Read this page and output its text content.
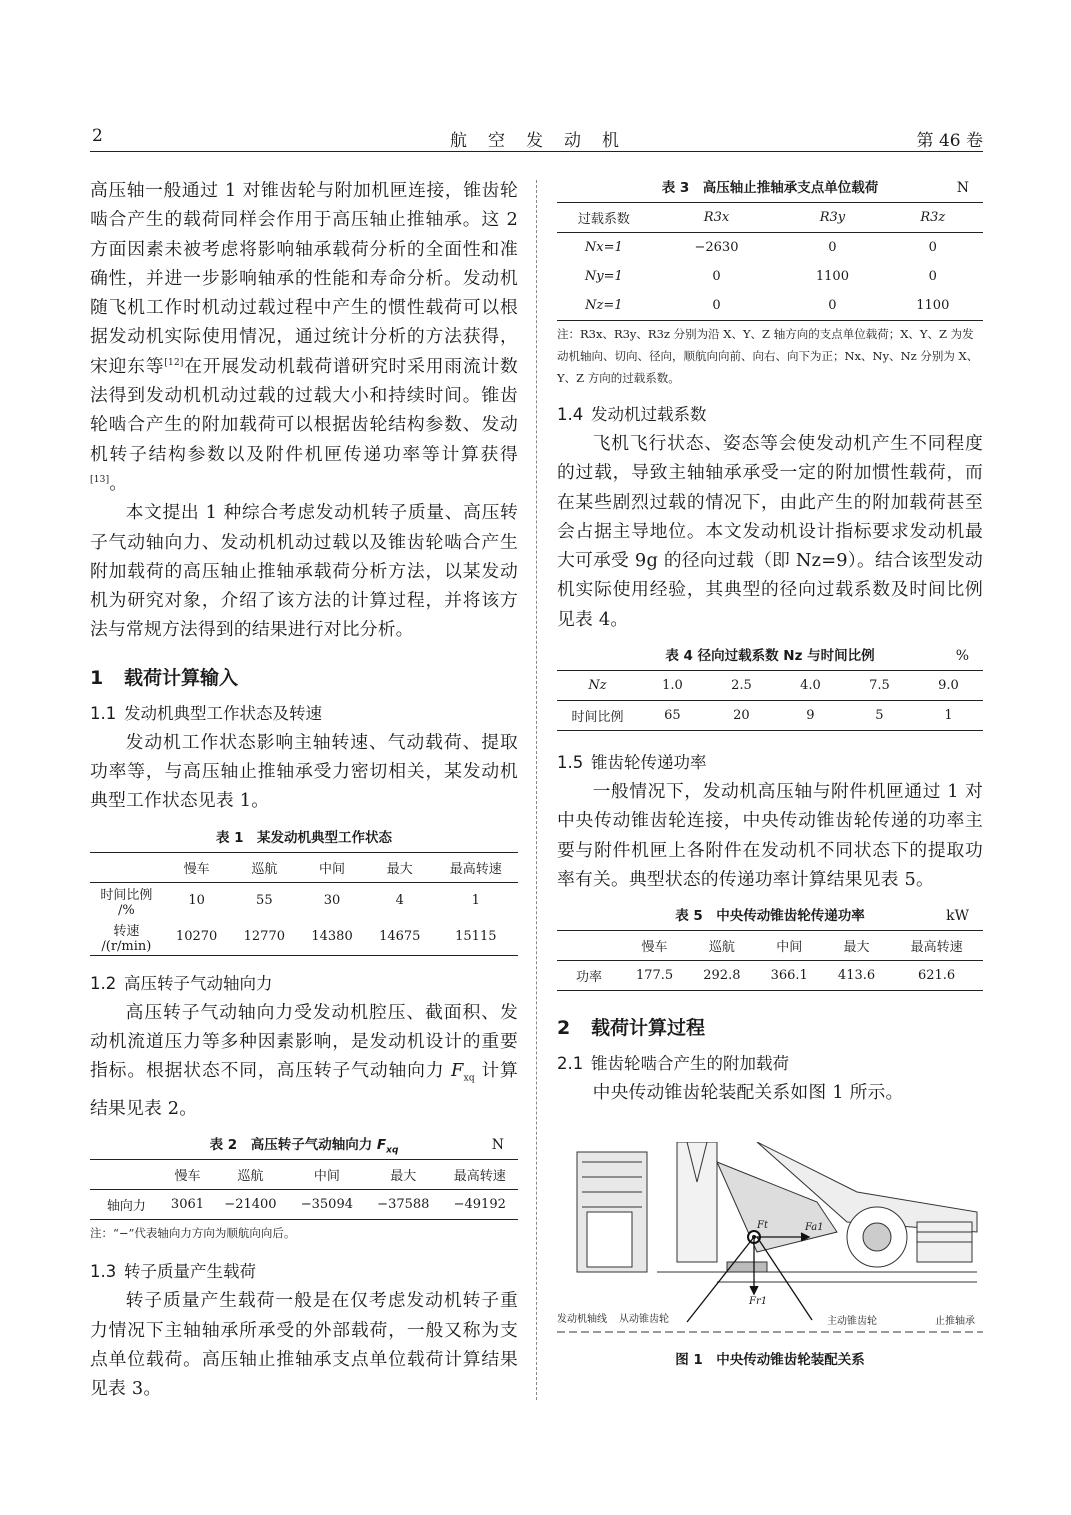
2	航　空　发　动　机	第 46 卷

高压轴一般通过 1 对锥齿轮与附加机匣连接，锥齿轮啮合产生的载荷同样会作用于高压轴止推轴承。这 2 方面因素未被考虑将影响轴承载荷分析的全面性和准确性，并进一步影响轴承的性能和寿命分析。发动机随飞机工作时机动过载过程中产生的惯性载荷可以根据发动机实际使用情况，通过统计分析的方法获得，宋迎东等[12]在开展发动机载荷谱研究时采用雨流计数法得到发动机机动过载的过载大小和持续时间。锥齿轮啮合产生的附加载荷可以根据齿轮结构参数、发动机转子结构参数以及附件机匣传递功率等计算获得[13]。

本文提出 1 种综合考虑发动机转子质量、高压转子气动轴向力、发动机机动过载以及锥齿轮啮合产生附加载荷的高压轴止推轴承载荷分析方法，以某发动机为研究对象，介绍了该方法的计算过程，并将该方法与常规方法得到的结果进行对比分析。

1 载荷计算输入
1.1 发动机典型工作状态及转速

发动机工作状态影响主轴转速、气动载荷、提取功率等，与高压轴止推轴承受力密切相关，某发动机典型工作状态见表 1。

表 1　某发动机典型工作状态
	慢车	巡航	中间	最大	最高转速
时间比例 /%	10	55	30	4	1
转速 /(r/min)	10270	12770	14380	14675	15115
1.2 高压转子气动轴向力

高压转子气动轴向力受发动机腔压、截面积、发动机流道压力等多种因素影响，是发动机设计的重要指标。根据状态不同，高压转子气动轴向力 $F_{xq}$ 计算结果见表 2。

表 2　高压转子气动轴向力 $F_{xq}$	N
	慢车	巡航	中间	最大	最高转速
轴向力	3061	−21400	−35094	−37588	−49192
注：“−”代表轴向力方向为顺航向向后。
1.3 转子质量产生载荷

转子质量产生载荷一般是在仅考虑发动机转子重力情况下主轴轴承所承受的外部载荷，一般又称为支点单位载荷。高压轴止推轴承支点单位载荷计算结果见表 3。

表 3　高压轴止推轴承支点单位载荷	N
过载系数	R3x	R3y	R3z
Nx=1	−2630	0	0
Ny=1	0	1100	0
Nz=1	0	0	1100
注：R3x、R3y、R3z 分别为沿 X、Y、Z 轴方向的支点单位载荷；X、Y、Z 为发动机轴向、切向、径向，顺航向向前、向右、向下为正；Nx、Ny、Nz 分别为 X、Y、Z 方向的过载系数。
1.4 发动机过载系数

飞机飞行状态、姿态等会使发动机产生不同程度的过载，导致主轴轴承承受一定的附加惯性载荷，而在某些剧烈过载的情况下，由此产生的附加载荷甚至会占据主导地位。本文发动机设计指标要求发动机最大可承受 9g 的径向过载（即 Nz=9）。结合该型发动机实际使用经验，其典型的径向过载系数及时间比例见表 4。

表 4 径向过载系数 Nz 与时间比例	%
Nz	1.0	2.5	4.0	7.5	9.0
时间比例	65	20	9	5	1
1.5 锥齿轮传递功率

一般情况下，发动机高压轴与附件机匣通过 1 对中央传动锥齿轮连接，中央传动锥齿轮传递的功率主要与附件机匣上各附件在发动机不同状态下的提取功率有关。典型状态的传递功率计算结果见表 5。

表 5　中央传动锥齿轮传递功率	kW
	慢车	巡航	中间	最大	最高转速
功率	177.5	292.8	366.1	413.6	621.6
2 载荷计算过程
2.1 锥齿轮啮合产生的附加载荷

中央传动锥齿轮装配关系如图 1 所示。

发动机轴线 从动锥齿轮	主动锥齿轮	止推轴承
Ft	Fa1
Fr1
图 1　中央传动锥齿轮装配关系
